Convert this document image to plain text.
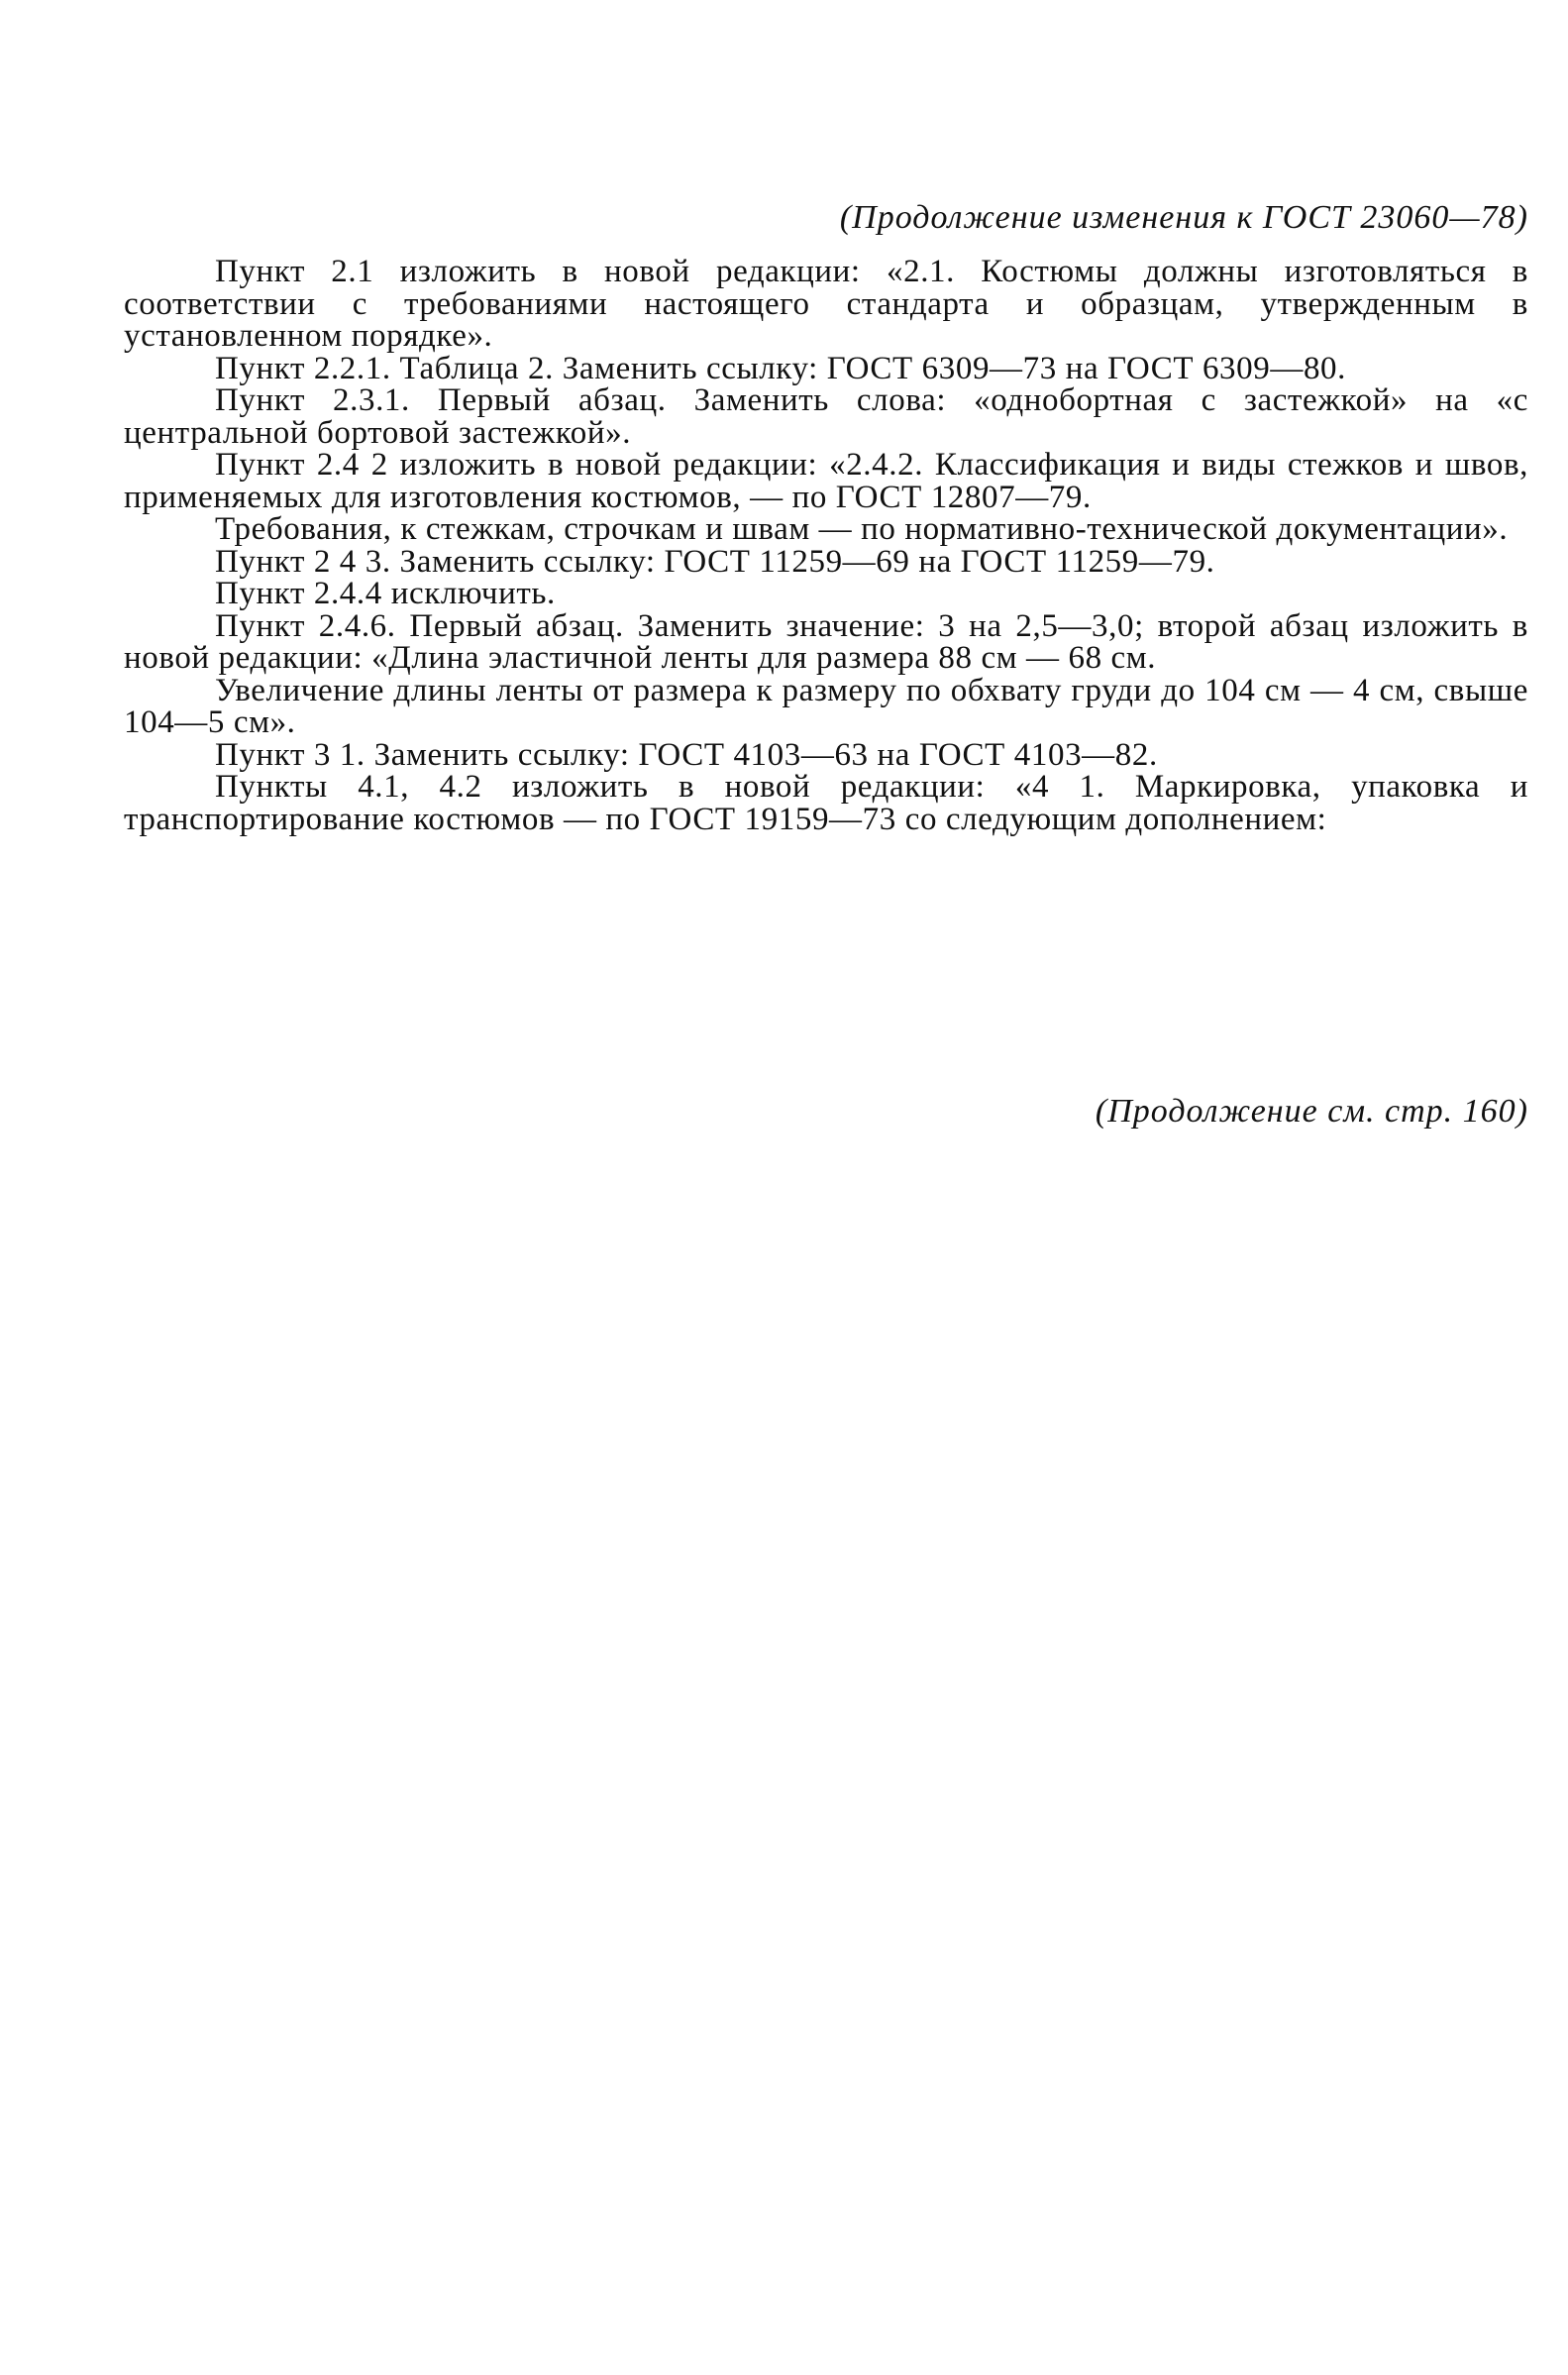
(Продолжение изменения к ГОСТ 23060—78)

Пункт 2.1 изложить в новой редакции: «2.1. Костюмы должны изготовляться в соответствии с требованиями настоящего стандарта и образцам, утвержденным в установленном порядке».

Пункт 2.2.1. Таблица 2. Заменить ссылку: ГОСТ 6309—73 на ГОСТ 6309—80.

Пункт 2.3.1. Первый абзац. Заменить слова: «однобортная с застежкой» на «с центральной бортовой застежкой».

Пункт 2.4 2 изложить в новой редакции: «2.4.2. Классификация и виды стежков и швов, применяемых для изготовления костюмов, — по ГОСТ 12807—79.

Требования, к стежкам, строчкам и швам — по нормативно-технической документации».

Пункт 2 4 3. Заменить ссылку: ГОСТ 11259—69 на ГОСТ 11259—79.

Пункт 2.4.4 исключить.

Пункт 2.4.6. Первый абзац. Заменить значение: 3 на 2,5—3,0; второй абзац изложить в новой редакции: «Длина эластичной ленты для размера 88 см — 68 см.

Увеличение длины ленты от размера к размеру по обхвату груди до 104 см — 4 см, свыше 104—5 см».

Пункт 3 1. Заменить ссылку: ГОСТ 4103—63 на ГОСТ 4103—82.

Пункты 4.1, 4.2 изложить в новой редакции: «4 1. Маркировка, упаковка и транспортирование костюмов — по ГОСТ 19159—73 со следующим дополнением:

(Продолжение см. стр. 160)
